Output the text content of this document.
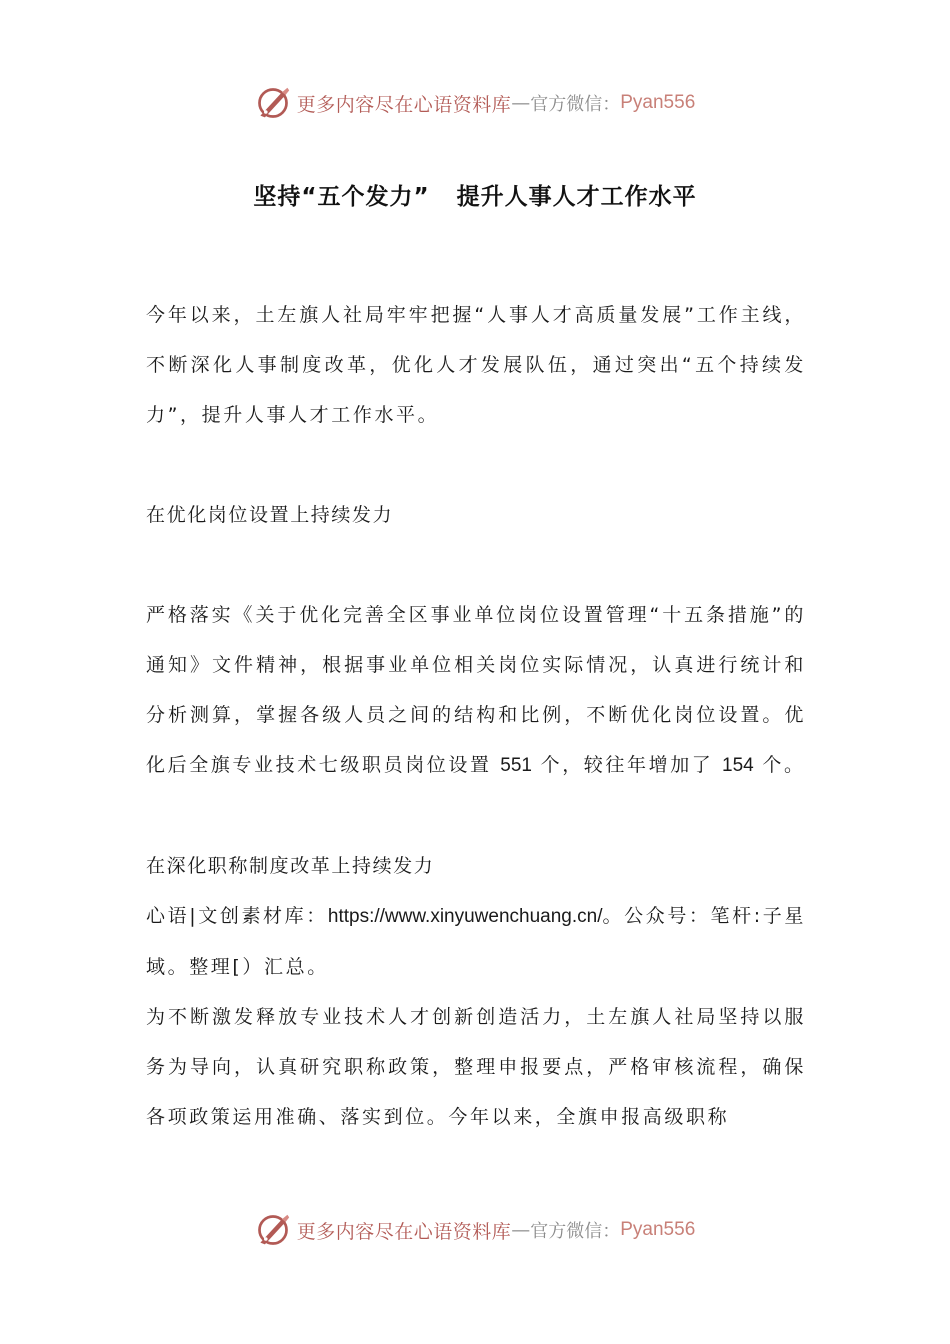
更多内容尽在心语资料库 — 官方微信： Pyan556
坚持“五个发力”   提升人事人才工作水平

今年以来，土左旗人社局牢牢把握“人事人才高质量发展”工作主线，不断深化人事制度改革，优化人才发展队伍，通过突出“五个持续发力”，提升人事人才工作水平。

在优化岗位设置上持续发力

严格落实《关于优化完善全区事业单位岗位设置管理“十五条措施”的通知》文件精神，根据事业单位相关岗位实际情况，认真进行统计和分析测算，掌握各级人员之间的结构和比例，不断优化岗位设置。优化后全旗专业技术七级职员岗位设置 551 个，较往年增加了 154 个。

在深化职称制度改革上持续发力

心语|文创素材库：https://www.xinyuwenchuang.cn/。公众号：笔杆:子星域。整理[）汇总。

为不断激发释放专业技术人才创新创造活力，土左旗人社局坚持以服务为导向，认真研究职称政策，整理申报要点，严格审核流程，确保各项政策运用准确、落实到位。今年以来，全旗申报高级职称

更多内容尽在心语资料库 — 官方微信： Pyan556
